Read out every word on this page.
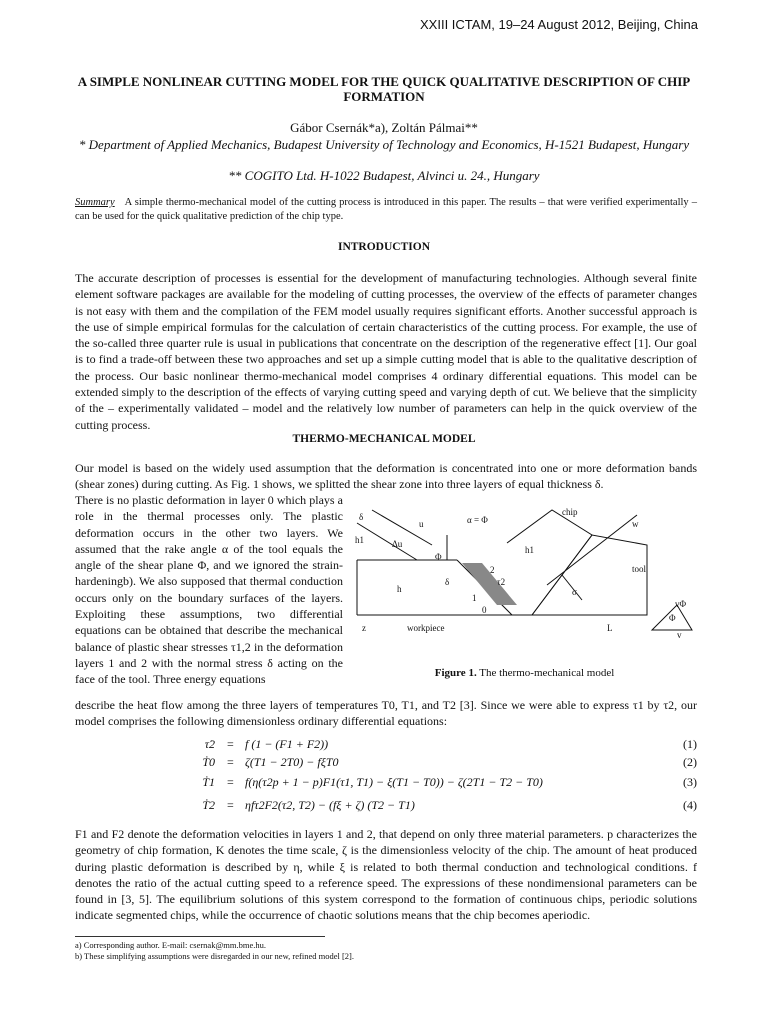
XXIII ICTAM, 19–24 August 2012, Beijing, China
A SIMPLE NONLINEAR CUTTING MODEL FOR THE QUICK QUALITATIVE DESCRIPTION OF CHIP FORMATION
Gábor Csernák*a), Zoltán Pálmai**
* Department of Applied Mechanics, Budapest University of Technology and Economics, H-1521 Budapest, Hungary
** COGITO Ltd. H-1022 Budapest, Alvinci u. 24., Hungary
Summary A simple thermo-mechanical model of the cutting process is introduced in this paper. The results – that were verified experimentally – can be used for the quick qualitative prediction of the chip type.
INTRODUCTION
The accurate description of processes is essential for the development of manufacturing technologies. Although several finite element software packages are available for the modeling of cutting processes, the overview of the effects of parameter changes is not easy with them and the compilation of the FEM model usually requires significant efforts. Another successful approach is the use of simple empirical formulas for the calculation of certain characteristics of the cutting process. For example, the use of the so-called three quarter rule is usual in publications that concentrate on the description of the regenerative effect [1]. Our goal is to find a trade-off between these two approaches and set up a simple cutting model that is able to the qualitative description of the process. Our basic nonlinear thermo-mechanical model comprises 4 ordinary differential equations. This model can be extended simply to the description of the effects of varying cutting speed and varying depth of cut. We believe that the simplicity of the – experimentally validated – model and the relatively low number of parameters can help in the quick overview of the cutting process.
THERMO-MECHANICAL MODEL
Our model is based on the widely used assumption that the deformation is concentrated into one or more deformation bands (shear zones) during cutting. As Fig. 1 shows, we splitted the shear zone into three layers of equal thickness δ.
There is no plastic deformation in layer 0 which plays a role in the thermal processes only. The plastic deformation occurs in the other two layers. We assumed that the rake angle α of the tool equals the angle of the shear plane Φ, and we ignored the strain-hardeningb). We also supposed that thermal conduction occurs only on the boundary surfaces of the layers. Exploiting these assumptions, two differential equations can be obtained that describe the mechanical balance of plastic shear stresses τ1,2 in the deformation layers 1 and 2 with the normal stress δ acting on the face of the tool. Three energy equations
δ
u	α = Φ
chip
w
h1	Δu
Φ
h1
tool
2
τ2
h
δ
1
σ
0
z	workpiece	L
vΦ
Φ
v
Figure 1. The thermo-mechanical model
describe the heat flow among the three layers of temperatures T0, T1, and T2 [3]. Since we were able to express τ1 by τ2, our model comprises the following dimensionless ordinary differential equations:
τ̇2 = f (1 − (F1 + F2))	(1)
Ṫ0 = ζ(T1 − 2T0) − fξT0	(2)
Ṫ1 = f(η(τ2p + 1 − p)F1(τ1, T1) − ξ(T1 − T0)) − ζ(2T1 − T2 − T0)	(3)
Ṫ2 = ηfτ2F2(τ2, T2) − (fξ + ζ) (T2 − T1)	(4)
F1 and F2 denote the deformation velocities in layers 1 and 2, that depend on only three material parameters. p characterizes the geometry of chip formation, K denotes the time scale, ζ is the dimensionless velocity of the chip. The amount of heat produced during plastic deformation is described by η, while ξ is related to both thermal conduction and technological conditions. f denotes the ratio of the actual cutting speed to a reference speed. The expressions of these nondimensional parameters can be found in [3, 5]. The equilibrium solutions of this system correspond to the formation of continuous chips, periodic solutions indicate segmented chips, while the occurrence of chaotic solutions means that the chip becomes aperiodic.
a) Corresponding author. E-mail: csernak@mm.bme.hu.
b) These simplifying assumptions were disregarded in our new, refined model [2].
